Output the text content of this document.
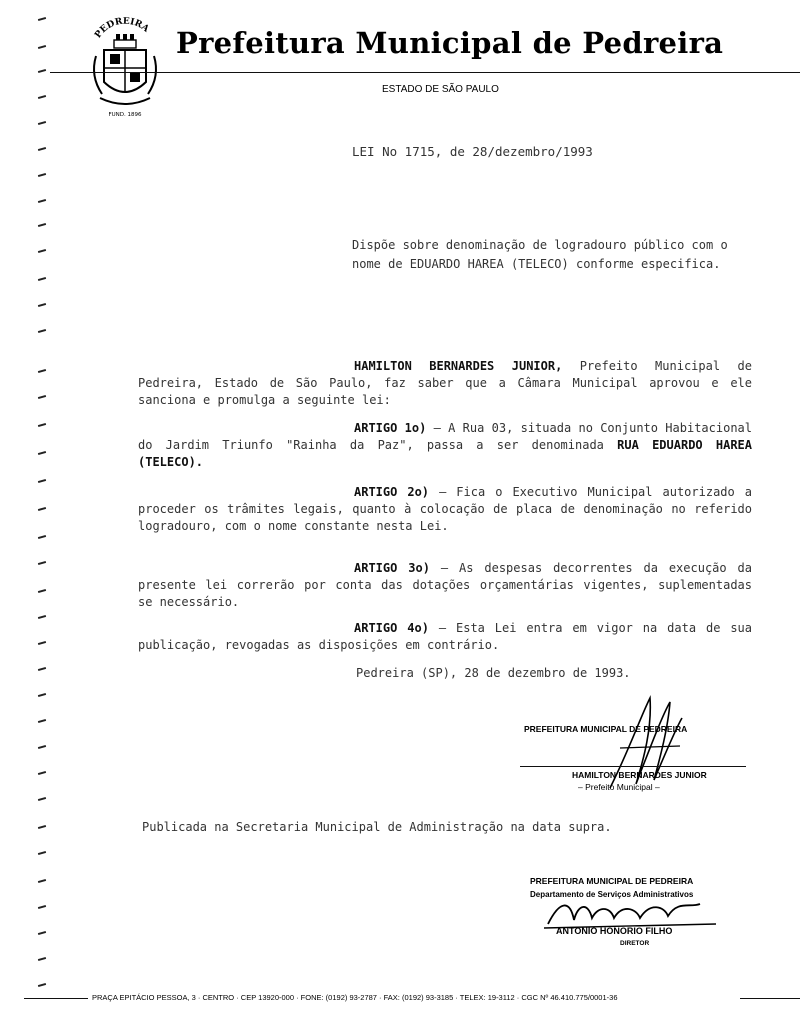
PEDREIRA
FUND. 1896
Prefeitura Municipal de Pedreira
ESTADO DE SÃO PAULO
LEI No 1715, de 28/dezembro/1993
Dispõe sobre denominação de logradouro público com o nome de EDUARDO HAREA (TELECO) conforme especifica.
HAMILTON BERNARDES JUNIOR, Prefeito Municipal de Pedreira, Estado de São Paulo, faz saber que a Câmara Municipal aprovou e ele sanciona e promulga a seguinte lei:
ARTIGO 1o) – A Rua 03, situada no Conjunto Habitacional do Jardim Triunfo "Rainha da Paz", passa a ser denominada RUA EDUARDO HAREA (TELECO).
ARTIGO 2o) – Fica o Executivo Municipal autorizado a proceder os trâmites legais, quanto à colocação de placa de denominação no referido logradouro, com o nome constante nesta Lei.
ARTIGO 3o) – As despesas decorrentes da execução da presente lei correrão por conta das dotações orçamentárias vigentes, suplementadas se necessário.
ARTIGO 4o) – Esta Lei entra em vigor na data de sua publicação, revogadas as disposições em contrário.
Pedreira (SP), 28 de dezembro de 1993.
PREFEITURA MUNICIPAL DE PEDREIRA
HAMILTON BERNARDES JUNIOR
– Prefeito Municipal –
Publicada na Secretaria Municipal de Administração na data supra.
PREFEITURA MUNICIPAL DE PEDREIRA
Departamento de Serviços Administrativos
ANTONIO HONORIO FILHO
DIRETOR
PRAÇA EPITÁCIO PESSOA, 3 · CENTRO · CEP 13920-000 · FONE: (0192) 93-2787 · FAX: (0192) 93-3185 · TELEX: 19-3112 · CGC Nº 46.410.775/0001-36
